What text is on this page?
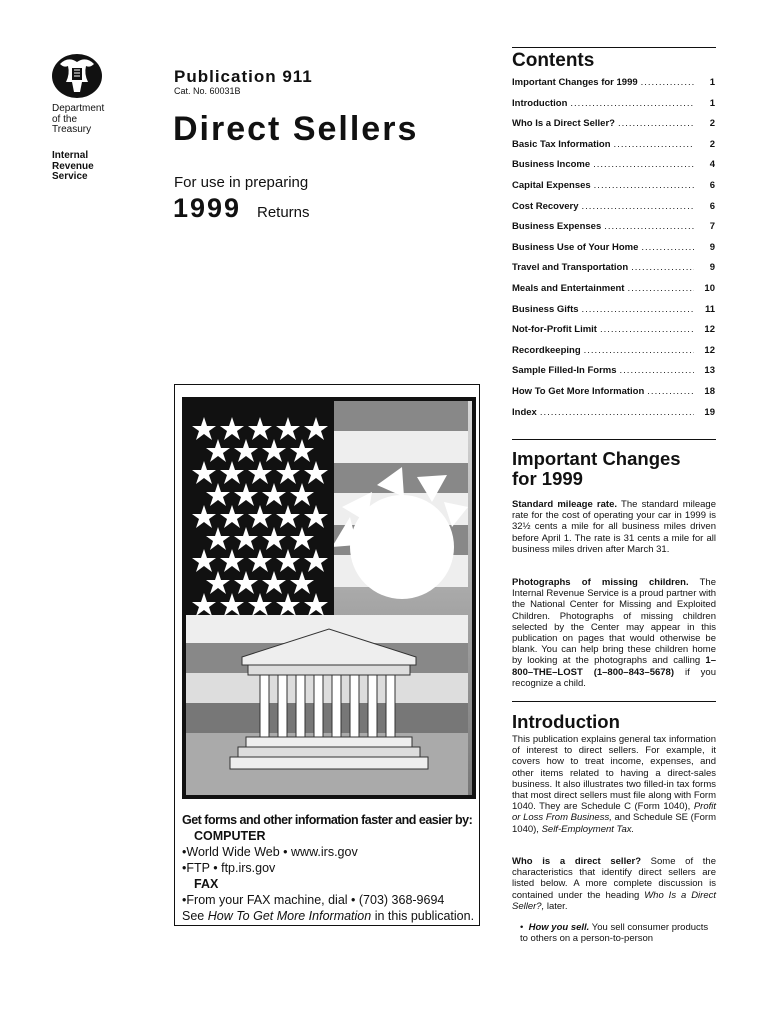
Department
of the
Treasury
Internal
Revenue
Service
Publication 911
Cat. No. 60031B
Direct Sellers
For use in preparing
1999 Returns
Get forms and other information faster and easier by:
COMPUTER
• World Wide Web • www.irs.gov
• FTP • ftp.irs.gov
FAX
• From your FAX machine, dial • (703) 368-9694
See How To Get More Information in this publication.
Contents
Important Changes for 1999 .....	1
Introduction .....	1
Who Is a Direct Seller? .....	2
Basic Tax Information .....	2
Business Income .....	4
Capital Expenses .....	6
Cost Recovery .....	6
Business Expenses .....	7
Business Use of Your Home .....	9
Travel and Transportation .....	9
Meals and Entertainment .....	10
Business Gifts .....	11
Not-for-Profit Limit .....	12
Recordkeeping .....	12
Sample Filled-In Forms .....	13
How To Get More Information .....	18
Index .....	19
Important Changes
for 1999
Standard mileage rate. The standard mileage rate for the cost of operating your car in 1999 is 32½ cents a mile for all business miles driven before April 1. The rate is 31 cents a mile for all business miles driven after March 31.
Photographs of missing children. The Internal Revenue Service is a proud partner with the National Center for Missing and Exploited Children. Photographs of missing children selected by the Center may appear in this publication on pages that would otherwise be blank. You can help bring these children home by looking at the photographs and calling 1–800–THE–LOST (1–800–843–5678) if you recognize a child.
Introduction
This publication explains general tax information of interest to direct sellers. For example, it covers how to treat income, expenses, and other items related to having a direct-sales business. It also illustrates two filled-in tax forms that most direct sellers must file along with Form 1040. They are Schedule C (Form 1040), Profit or Loss From Business, and Schedule SE (Form 1040), Self-Employment Tax.
Who is a direct seller? Some of the characteristics that identify direct sellers are listed below. A more complete discussion is contained under the heading Who Is a Direct Seller?, later.
•  How you sell. You sell consumer products to others on a person-to-person
